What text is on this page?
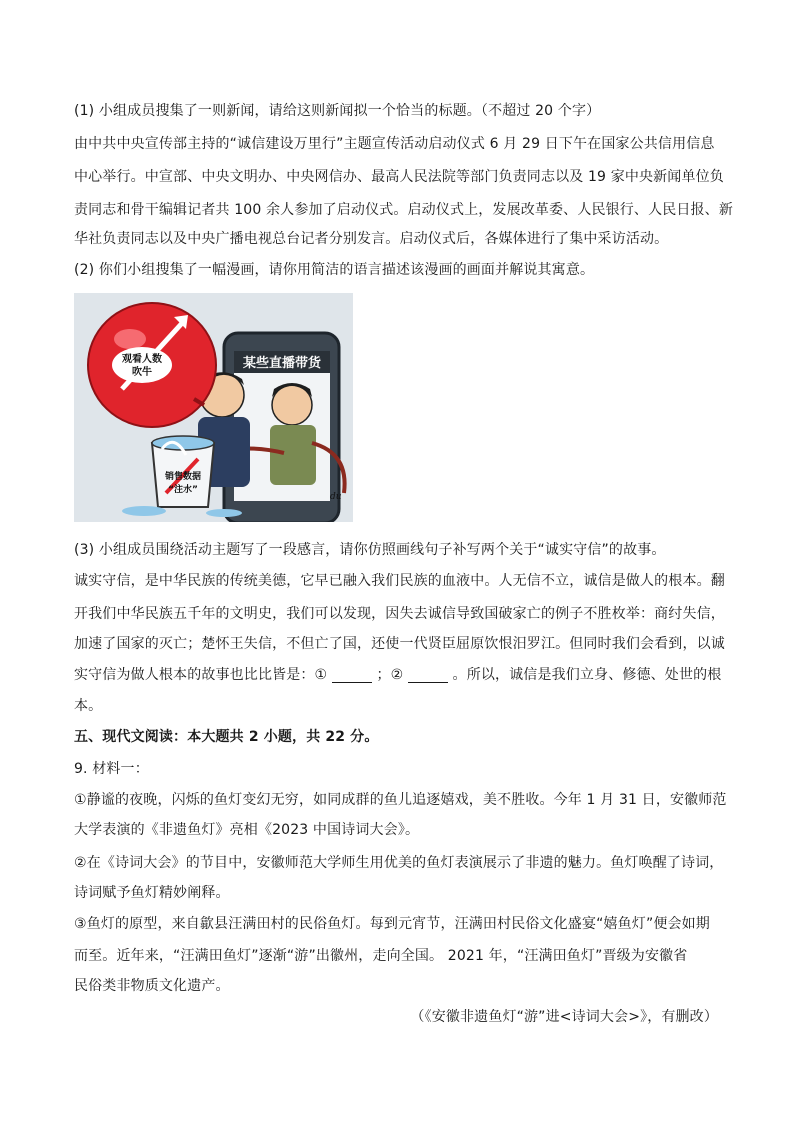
(1) 小组成员搜集了一则新闻，请给这则新闻拟一个恰当的标题。（不超过 20 个字）

由中共中央宣传部主持的“诚信建设万里行”主题宣传活动启动仪式 6 月 29 日下午在国家公共信用信息

中心举行。中宣部、中央文明办、中央网信办、最高人民法院等部门负责同志以及 19 家中央新闻单位负

责同志和骨干编辑记者共 100 余人参加了启动仪式。启动仪式上，发展改革委、人民银行、人民日报、新

华社负责同志以及中央广播电视总台记者分别发言。启动仪式后，各媒体进行了集中采访活动。

(2) 你们小组搜集了一幅漫画，请你用简洁的语言描述该漫画的画面并解说其寓意。

某些直播带货
观看人数
吹牛
销售数据
“注水”
du

(3) 小组成员围绕活动主题写了一段感言，请你仿照画线句子补写两个关于“诚实守信”的故事。

诚实守信，是中华民族的传统美德，它早已融入我们民族的血液中。人无信不立，诚信是做人的根本。翻

开我们中华民族五千年的文明史，我们可以发现，因失去诚信导致国破家亡的例子不胜枚举：商纣失信，

加速了国家的灭亡；楚怀王失信，不但亡了国，还使一代贤臣屈原饮恨汨罗江。但同时我们会看到，以诚

实守信为做人根本的故事也比比皆是：①	；②	。所以，诚信是我们立身、修德、处世的根

本。

五、现代文阅读：本大题共 2 小题，共 22 分。

9. 材料一：

①静谧的夜晚，闪烁的鱼灯变幻无穷，如同成群的鱼儿追逐嬉戏，美不胜收。今年 1 月 31 日，安徽师范

大学表演的《非遗鱼灯》亮相《2023 中国诗词大会》。

②在《诗词大会》的节目中，安徽师范大学师生用优美的鱼灯表演展示了非遗的魅力。鱼灯唤醒了诗词，

诗词赋予鱼灯精妙阐释。

③鱼灯的原型，来自歙县汪满田村的民俗鱼灯。每到元宵节，汪满田村民俗文化盛宴“嬉鱼灯”便会如期

而至。近年来，“汪满田鱼灯”逐渐“游”出徽州，走向全国。 2021 年，“汪满田鱼灯”晋级为安徽省

民俗类非物质文化遗产。

（《安徽非遗鱼灯“游”进<诗词大会>》，有删改）
